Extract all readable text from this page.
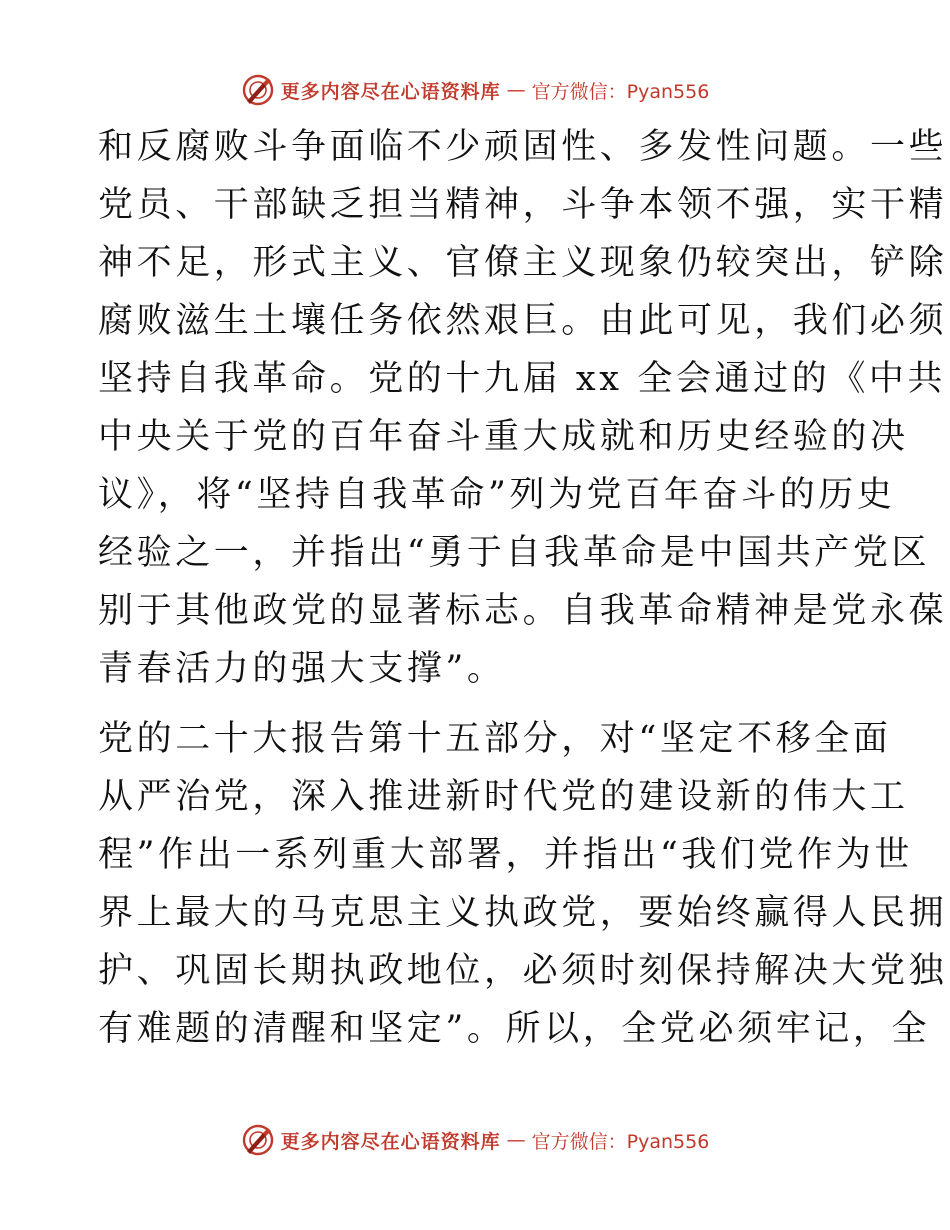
更多内容尽在心语资料库 — 官方微信：Pyan556
和反腐败斗争面临不少顽固性、多发性问题。一些
党员、干部缺乏担当精神，斗争本领不强，实干精
神不足，形式主义、官僚主义现象仍较突出，铲除
腐败滋生土壤任务依然艰巨。由此可见，我们必须
坚持自我革命。党的十九届 xx 全会通过的《中共
中央关于党的百年奋斗重大成就和历史经验的决
议》，将“坚持自我革命”列为党百年奋斗的历史
经验之一，并指出“勇于自我革命是中国共产党区
别于其他政党的显著标志。自我革命精神是党永葆
青春活力的强大支撑”。
党的二十大报告第十五部分，对“坚定不移全面
从严治党，深入推进新时代党的建设新的伟大工
程”作出一系列重大部署，并指出“我们党作为世
界上最大的马克思主义执政党，要始终赢得人民拥
护、巩固长期执政地位，必须时刻保持解决大党独
有难题的清醒和坚定”。所以，全党必须牢记，全
更多内容尽在心语资料库 — 官方微信：Pyan556
